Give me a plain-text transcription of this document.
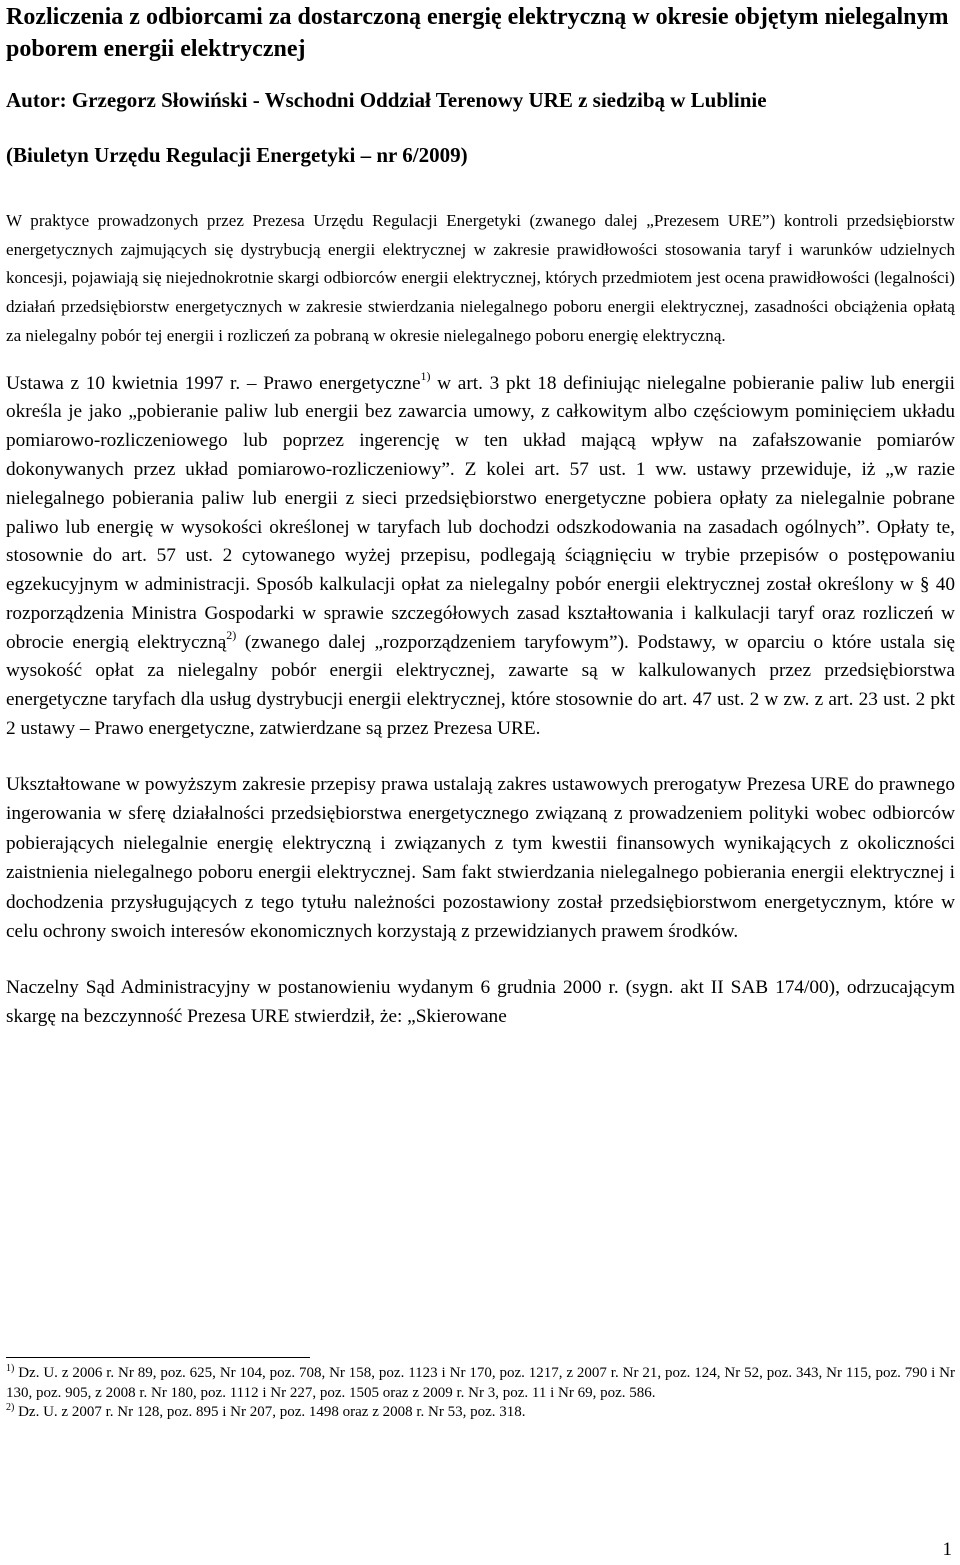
Rozliczenia z odbiorcami za dostarczoną energię elektryczną w okresie objętym nielegalnym poborem energii elektrycznej

Autor: Grzegorz Słowiński - Wschodni Oddział Terenowy URE z siedzibą w Lublinie

(Biuletyn Urzędu Regulacji Energetyki – nr 6/2009)

W praktyce prowadzonych przez Prezesa Urzędu Regulacji Energetyki (zwanego dalej „Prezesem URE”) kontroli przedsiębiorstw energetycznych zajmujących się dystrybucją energii elektrycznej w zakresie prawidłowości stosowania taryf i warunków udzielnych koncesji, pojawiają się niejednokrotnie skargi odbiorców energii elektrycznej, których przedmiotem jest ocena prawidłowości (legalności) działań przedsiębiorstw energetycznych w zakresie stwierdzania nielegalnego poboru energii elektrycznej, zasadności obciążenia opłatą za nielegalny pobór tej energii i rozliczeń za pobraną w okresie nielegalnego poboru energię elektryczną.

Ustawa z 10 kwietnia 1997 r. – Prawo energetyczne$^{1)}$ w art. 3 pkt 18 definiując nielegalne pobieranie paliw lub energii określa je jako „pobieranie paliw lub energii bez zawarcia umowy, z całkowitym albo częściowym pominięciem układu pomiarowo-rozliczeniowego lub poprzez ingerencję w ten układ mającą wpływ na zafałszowanie pomiarów dokonywanych przez układ pomiarowo-rozliczeniowy”. Z kolei art. 57 ust. 1 ww. ustawy przewiduje, iż „w razie nielegalnego pobierania paliw lub energii z sieci przedsiębiorstwo energetyczne pobiera opłaty za nielegalnie pobrane paliwo lub energię w wysokości określonej w taryfach lub dochodzi odszkodowania na zasadach ogólnych”. Opłaty te, stosownie do art. 57 ust. 2 cytowanego wyżej przepisu, podlegają ściągnięciu w trybie przepisów o postępowaniu egzekucyjnym w administracji. Sposób kalkulacji opłat za nielegalny pobór energii elektrycznej został określony w § 40 rozporządzenia Ministra Gospodarki w sprawie szczegółowych zasad kształtowania i kalkulacji taryf oraz rozliczeń w obrocie energią elektryczną$^{2)}$ (zwanego dalej „rozporządzeniem taryfowym”). Podstawy, w oparciu o które ustala się wysokość opłat za nielegalny pobór energii elektrycznej, zawarte są w kalkulowanych przez przedsiębiorstwa energetyczne taryfach dla usług dystrybucji energii elektrycznej, które stosownie do art. 47 ust. 2 w zw. z art. 23 ust. 2 pkt 2 ustawy – Prawo energetyczne, zatwierdzane są przez Prezesa URE.

Ukształtowane w powyższym zakresie przepisy prawa ustalają zakres ustawowych prerogatyw Prezesa URE do prawnego ingerowania w sferę działalności przedsiębiorstwa energetycznego związaną z prowadzeniem polityki wobec odbiorców pobierających nielegalnie energię elektryczną i związanych z tym kwestii finansowych wynikających z okoliczności zaistnienia nielegalnego poboru energii elektrycznej. Sam fakt stwierdzania nielegalnego pobierania energii elektrycznej i dochodzenia przysługujących z tego tytułu należności pozostawiony został przedsiębiorstwom energetycznym, które w celu ochrony swoich interesów ekonomicznych korzystają z przewidzianych prawem środków.

Naczelny Sąd Administracyjny w postanowieniu wydanym 6 grudnia 2000 r. (sygn. akt II SAB 174/00), odrzucającym skargę na bezczynność Prezesa URE stwierdził, że: „Skierowane

$^{1)}$ Dz. U. z 2006 r. Nr 89, poz. 625, Nr 104, poz. 708, Nr 158, poz. 1123 i Nr 170, poz. 1217, z 2007 r. Nr 21, poz. 124, Nr 52, poz. 343, Nr 115, poz. 790 i Nr 130, poz. 905, z 2008 r. Nr 180, poz. 1112 i Nr 227, poz. 1505 oraz z 2009 r. Nr 3, poz. 11 i Nr 69, poz. 586.

$^{2)}$ Dz. U. z 2007 r. Nr 128, poz. 895 i Nr 207, poz. 1498 oraz z 2008 r. Nr 53, poz. 318.

1
